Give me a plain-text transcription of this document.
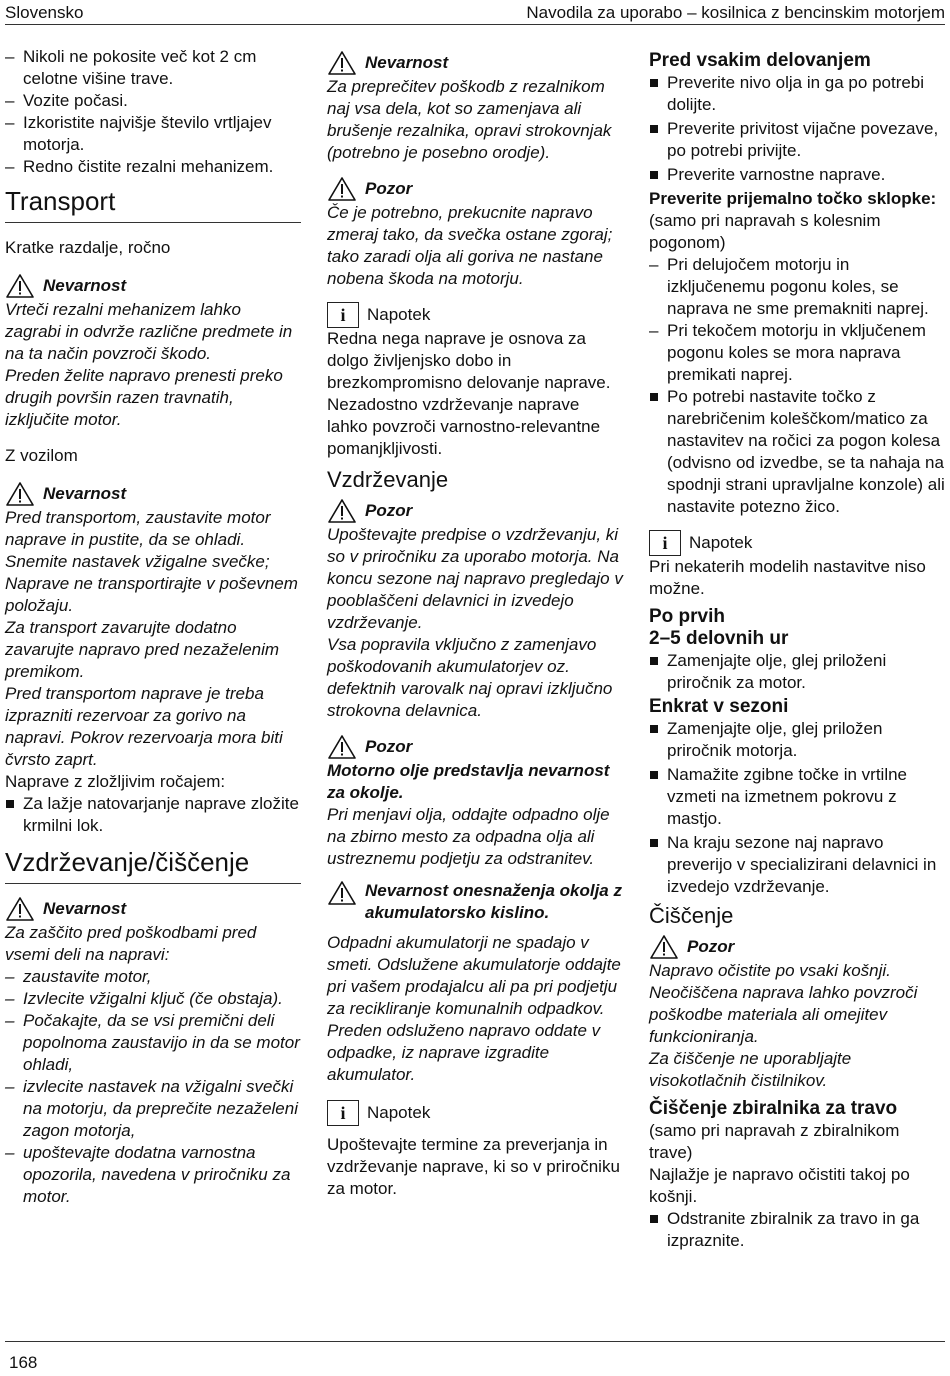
Slovensko	Navodila za uporabo – kosilnica z bencinskim motorjem
– Nikoli ne pokosite več kot 2 cm celotne višine trave.
– Vozite počasi.
– Izkoristite najvišje število vrtljajev motorja.
– Redno čistite rezalni mehanizem.
Transport
Kratke razdalje, ročno
Nevarnost

Vrteči rezalni mehanizem lahko zagrabi in odvrže različne predmete in na ta način povzroči škodo.

Preden želite napravo prenesti preko drugih površin razen travnatih, izključite motor.

Z vozilom
Nevarnost

Pred transportom, zaustavite motor naprave in pustite, da se ohladi.

Snemite nastavek vžigalne svečke; Naprave ne transportirajte v poševnem položaju.

Za transport zavarujte dodatno zavarujte napravo pred nezaželenim premikom.

Pred transportom naprave je treba izprazniti rezervoar za gorivo na napravi. Pokrov rezervoarja mora biti čvrsto zaprt.

Naprave z zložljivim ročajem:

Za lažje natovarjanje naprave zložite krmilni lok.
Vzdrževanje/čiščenje
Nevarnost

Za zaščito pred poškodbami pred vsemi deli na napravi:

– zaustavite motor,
– Izvlecite vžigalni ključ (če obstaja).
– Počakajte, da se vsi premični deli popolnoma zaustavijo in da se motor ohladi,
– izvlecite nastavek na vžigalni svečki na motorju, da preprečite nezaželeni zagon motorja,
– upoštevajte dodatna varnostna opozorila, navedena v priročniku za motor.
Nevarnost

Za preprečitev poškodb z rezalnikom naj vsa dela, kot so zamenjava ali brušenje rezalnika, opravi strokovnjak (potrebno je posebno orodje).

Pozor

Če je potrebno, prekucnite napravo zmeraj tako, da svečka ostane zgoraj; tako zaradi olja ali goriva ne nastane nobena škoda na motorju.

i	Napotek

Redna nega naprave je osnova za dolgo življenjsko dobo in brezkompromisno delovanje naprave. Nezadostno vzdrževanje naprave lahko povzroči varnostno-relevantne pomanjkljivosti.

Vzdrževanje
Pozor

Upoštevajte predpise o vzdrževanju, ki so v priročniku za uporabo motorja. Na koncu sezone naj napravo pregledajo v pooblaščeni delavnici in izvedejo vzdrževanje.

Vsa popravila vključno z zamenjavo poškodovanih akumulatorjev oz. defektnih varovalk naj opravi izključno strokovna delavnica.

Pozor

Motorno olje predstavlja nevarnost za okolje.

Pri menjavi olja, oddajte odpadno olje na zbirno mesto za odpadna olja ali ustreznemu podjetju za odstranitev.

Nevarnost onesnaženja okolja z akumulatorsko kislino.

Odpadni akumulatorji ne spadajo v smeti. Odslužene akumulatorje oddajte pri vašem prodajalcu ali pa pri podjetju za recikliranje komunalnih odpadkov. Preden odsluženo napravo oddate v odpadke, iz naprave izgradite akumulator.

i	Napotek

Upoštevajte termine za preverjanja in vzdrževanje naprave, ki so v priročniku za motor.

Pred vsakim delovanjem
Preverite nivo olja in ga po potrebi dolijte.
Preverite privitost vijačne povezave, po potrebi privijte.
Preverite varnostne naprave.

Preverite prijemalno točko sklopke:

(samo pri napravah s kolesnim pogonom)

– Pri delujočem motorju in izključenemu pogonu koles, se naprava ne sme premakniti naprej.
– Pri tekočem motorju in vključenem pogonu koles se mora naprava premikati naprej.
Po potrebi nastavite točko z narebričenim koleščkom/matico za nastavitev na ročici za pogon kolesa (odvisno od izvedbe, se ta nahaja na spodnji strani upravljalne konzole) ali nastavite potezno žico.
i	Napotek

Pri nekaterih modelih nastavitve niso možne.

Po prvih
2–5 delovnih ur
Zamenjajte olje, glej priloženi priročnik za motor.
Enkrat v sezoni
Zamenjajte olje, glej priložen priročnik motorja.
Namažite zgibne točke in vrtilne vzmeti na izmetnem pokrovu z mastjo.
Na kraju sezone naj napravo preverijo v specializirani delavnici in izvedejo vzdrževanje.
Čiščenje
Pozor

Napravo očistite po vsaki košnji.

Neočiščena naprava lahko povzroči poškodbe materiala ali omejitev funkcioniranja.

Za čiščenje ne uporabljajte visokotlačnih čistilnikov.

Čiščenje zbiralnika za travo

(samo pri napravah z zbiralnikom trave)

Najlažje je napravo očistiti takoj po košnji.

Odstranite zbiralnik za travo in ga izpraznite.
168
